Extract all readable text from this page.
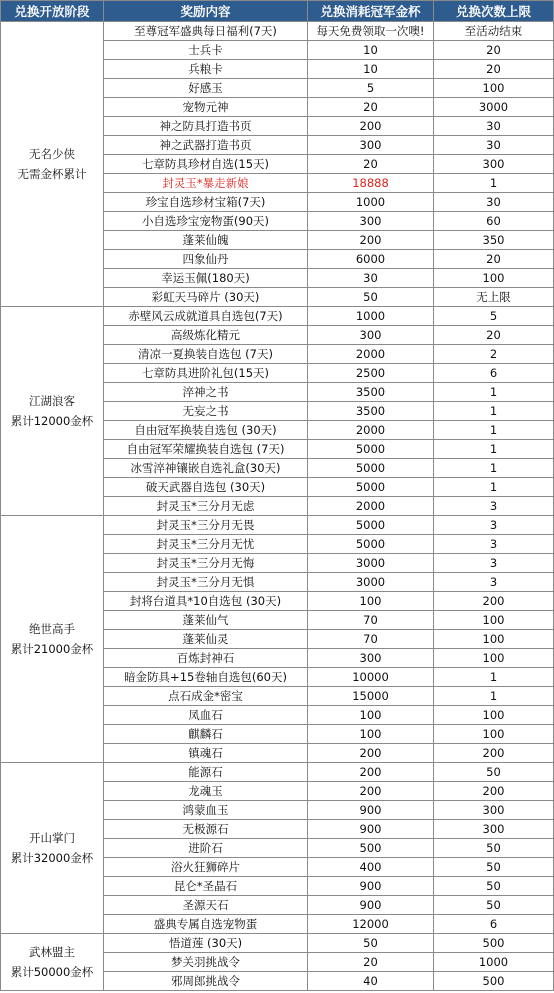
兑换开放阶段	奖励内容	兑换消耗冠军金杯	兑换次数上限

无名少侠
无需金杯累计	至尊冠军盛典每日福利(7天)	每天免费领取一次噢!	至活动结束
	士兵卡	10	20
	兵粮卡	10	20
	好感玉	5	100
	宠物元神	20	3000
	神之防具打造书页	200	30
	神之武器打造书页	300	30
	七章防具珍材自选(15天)	20	300
	封灵玉*暴走新娘	18888	1
	珍宝自选珍材宝箱(7天)	1000	30
	小自选珍宝宠物蛋(90天)	300	60
	蓬莱仙魄	200	350
	四象仙丹	6000	20
	幸运玉佩(180天)	30	100
	彩虹天马碎片 (30天)	50	无上限

江湖浪客
累计12000金杯	赤壁风云成就道具自选包(7天)	1000	5
	高级炼化精元	300	20
	清凉一夏换装自选包 (7天)	2000	2
	七章防具进阶礼包(15天)	2500	6
	淬神之书	3500	1
	无妄之书	3500	1
	自由冠军换装自选包 (30天)	2000	1
	自由冠军荣耀换装自选包 (7天)	5000	1
	冰雪淬神镶嵌自选礼盒(30天)	5000	1
	破天武器自选包 (30天)	5000	1
	封灵玉*三分月无虑	2000	3

绝世高手
累计21000金杯	封灵玉*三分月无畏	5000	3
	封灵玉*三分月无忧	5000	3
	封灵玉*三分月无悔	3000	3
	封灵玉*三分月无惧	3000	3
	封将台道具*10自选包 (30天)	100	200
	蓬莱仙气	70	100
	蓬莱仙灵	70	100
	百炼封神石	300	100
	暗金防具+15卷轴自选包(60天)	10000	1
	点石成金*密宝	15000	1
	凤血石	100	100
	麒麟石	100	100
	镇魂石	200	200

开山掌门
累计32000金杯	能源石	200	50
	龙魂玉	200	200
	鸿蒙血玉	900	300
	无极源石	900	300
	进阶石	500	50
	浴火狂狮碎片	400	50
	昆仑*圣晶石	900	50
	圣源天石	900	50
	盛典专属自选宠物蛋	12000	6

武林盟主
累计50000金杯	悟道莲 (30天)	50	500
	梦关羽挑战令	20	1000
	邪周郎挑战令	40	500
